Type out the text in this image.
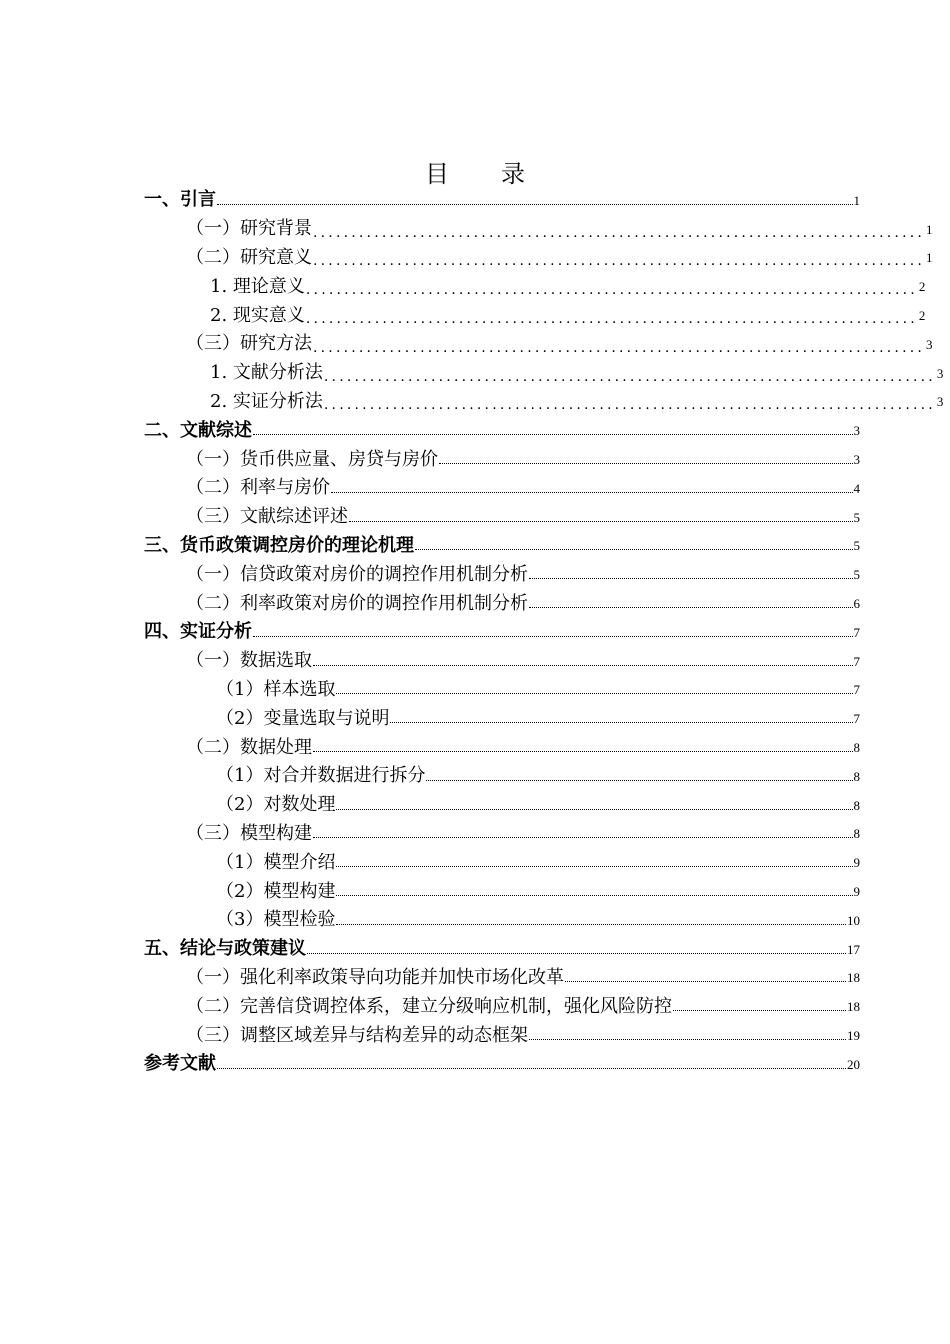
目 录
一、引言	1
（一）研究背景 ................................................................................ 1
（二）研究意义 ................................................................................ 1
1. 理论意义 ................................................................................ 2
2. 现实意义 ................................................................................ 2
（三）研究方法 ................................................................................ 3
1. 文献分析法 ................................................................................ 3
2. 实证分析法 ................................................................................ 3
二、文献综述	3
（一）货币供应量、房贷与房价	3
（二）利率与房价	4
（三）文献综述评述	5
三、货币政策调控房价的理论机理	5
（一）信贷政策对房价的调控作用机制分析	5
（二）利率政策对房价的调控作用机制分析	6
四、实证分析	7
（一）数据选取	7
（1）样本选取	7
（2）变量选取与说明	7
（二）数据处理	8
（1）对合并数据进行拆分	8
（2）对数处理	8
（三）模型构建	8
（1）模型介绍	9
（2）模型构建	9
（3）模型检验	10
五、结论与政策建议	17
（一）强化利率政策导向功能并加快市场化改革	18
（二）完善信贷调控体系，建立分级响应机制，强化风险防控	18
（三）调整区域差异与结构差异的动态框架	19
参考文献	20
